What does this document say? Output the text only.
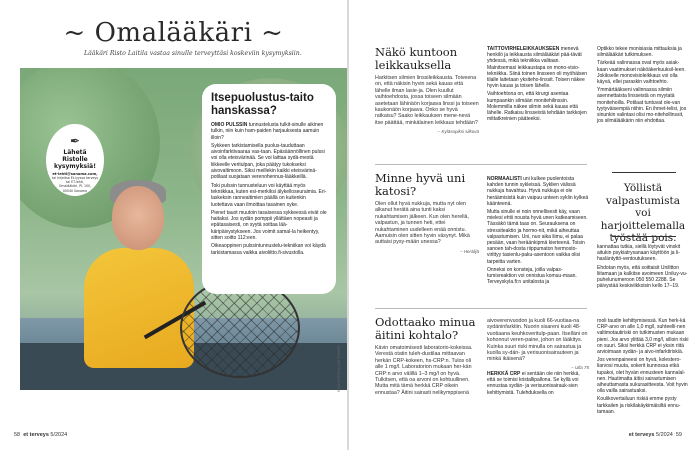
~ Omalääkäri ~
Lääkäri Risto Laitila vastaa sinulle terveyttäsi koskeviin kysymyksiin.
✒
Lähetä Ristolle kysymyksiä!
et-lehti@sanoma.com,
tai kirjeitse Et-lyyssa terveys
tai ET-lehti,
Omalääkäri, PL 100,
00040 Sanoma
Itsepuolustus-taito hanskassa?

OMIO PULSSIN tunnustelusta tulkit-sinulle aikinen tulkin, niin kuin ham-paiden harjauksesta aamuin illoin?

Sykkeen tarkistamisella puolus-tauduttaan aivoinfarktivaaraa vas-taan. Epäsäännöllinen pulssi voi olla eteisvärinää. Se voi laittaa sydä-mestä liikkeelle veritulpan, joka päätyy tukokseksi aivovaltimoon. Siksi meillekin kaikki eteisvärinä-potilaat suojataan verenohennus-lääkkeillä.

Toki pulssin tunnusteluun voi käyttää myös tekniikkaa, kuten esi-merkiksi älykelloseuraimia. Eri-laskeksin ranneaitimien päällä on kuitenkin luotettava vaan ilmoittaa tasainen syke.

Pienet tauot muutoin tasaisessa sykkeessä eivät ole haitaksi. Jos sydän pomppii yllättäen nopeasti ja epätasaisesti, on syytä soittaa lää-käripäivystykseen. Jos voimit samal-la heikentyy, sitten soitto 112:een.

Oikeaoppinen pulssintunnustelu-tekniikan voi käydä tarkistamassa vaikka aivoliitto.fi-sivustolla.

KUVA KRISTIINA KONTIONIEMI
58 et terveys 5/2024
Näkö kuntoon leikkauksella
Harkitsen silmien linssileikkausta. Toiveena on, että näkisin hyvin sekä kauas että lähelle ilman lasie-ja. Olen kuullut vaihtoehdosta, jossa toiseen silmään asetetaan lähinäön korjaava linssi ja toiseen kaukonäön korjaava. Onko se hyvä ratkaisu? Saako leikkauksen mene-nevä itse päättää, minkälainen leikkaus tehdään?
– Kyläsopiksi silkovä

TAITTOVIRHELEIKKAUKSEEN menevä henkilö ja leikkausta silmälääkäri pää-tävät yhdessä, mikä tekniikka valitaan. Mainitsemasi leikkaustapa on mono-visio-tekniikka. Siinä toinen linsseen oli myöhäisen tilalle laitetaan yksiteho-linssit. Toisen näkee hyvin kauas ja toisen lähelle.

Vaihtoehtona on, että kirurgi asentaa kumpaankin silmään monitehilinssin. Molemmilla näkee silmin sekä kauas että lähelle. Ratkaisu linsseistä tehdään tarkkojen mittatkreinien pääteeksi.

Optikko tekee monisiasia mittauksia ja silmälääkäri tutkimuksen.

Tärkeää valinnassa ovat myös asiak-kaan vaatimukset näköäkerkuuksil-leen. Jokikselle monovisioleikkaus voi olla käyvä, ellei paraskin vaihtoehto.

Ymmärtääkseni valinnassa silmiin asennettaista linsseistä on myytatä monitehoilla. Potilaat tuntuvat ole-van tyytyväisempiä niihin. En ihmet-telisi, jos sinunkin valintasi olisi mo-nitehollinssit, jos silmälääkärin niin ehdottaa.

Minne hyvä uni katosi?
Olen ollut hyvä nukkuja, mutta nyt olen alkanut herätä aina tunti kaksi nukahtamisen jälkeen. Kun olen herellä, valpastun, ja tunnen heti, ettei nukahtaminen uudelleen enää onnistu. Aamuisin olen sitten hyvin väsynyt. Mikä auttaisi pysy-mään unessa?
– Herälijä

NORMAALISTI uni kulkee puolentoista kahden tunnin sykleissä. Syklien välissä nukkuja havahtuu. Hyvä nukkuja ei ole heräämisistä kuin vaipuu unteen syklin kylkeä käänteenä.

Mutta sinulle ei noin onnellisesti käy, vaan mielesi ehtii nousta hyvä unen katkeamiseen. Tässäkö tämä taas on. Seurauksena on stressiteaktio ja hormo-nit, mikä aiheuttaa valpastumisen. Uni, nuo aika liimu, ei palaa pesään, vaan heräänkipmä kierteenä. Toisin sanoen tah-dosta riippumaton hermosto-virittyy tasienlu-paku-asentoon vaikka olisi tarpeitta varten.

Onneksi on konsteja, joilla valpas-tumisreaktion voi onnistua komuu-maan. Terveyskyla.fi:n unitalosta ja

Yöllistä valpastumista voi harjoittelemalla työstää pois.

kannattaa tutkia, siellä löytyvät vinskit aitukin psykiatrysanaan käyttöön ja li-hasläntyttö-ventoutukseen.

Ehdotan myös, että soittaisit Unilitton liitamaan ja kalkitse avoimeen Uniluy-vu-puhelunumeroon 050 550 2288. Se päivystää keskiviikkoisin kello 17–19.

Odottaako minua äitini kohtalo?
Kävin omatoimisesti laboratorio-kokeissa. Verestä otatin tuleh-dustilaa mittaavan herkän CRP-kokeen, hs-CRP:n. Tulos oli alle 1 mg/l. Laboratorion mukaan her-kän CRP:n arvo välillä 1–3 mg/l on hyvä. Tulkitsen, että oa arvoni on kohtuullinen. Mutta mitä tämä herkkä CRP oikein ennustaa? Äitini sairasti nelikymppisenä

aivoverenvuodon ja kuoli 66-vuotiaa-na sydäninfarktiin. Nuorin sisareni kuoli 48-vuotiaana keuhkoveritulp-paan. Itselläni on kohonnut veren-paine, johon on lääkitys. Kuinka suuri riski minulla on sairastua ja kuolla sy-dän- ja verisuonisairauteen ja minkä ikäisenä?

– Ulla 75

HERKKÄ CRP ei sentään ole niin herkkä, että se toimisi kristallipallona. Se kyllä voi ennustaa sydän- ja verisuonisairauk-sien kehittymistä. Tulehduksella on

rooli taudin kehittymisessä. Kun herk-kä CRP-arvo on alle 1,0 mg/l, suhteelli-nen valtimotautiriski on tutkimusten mukaan pieni. Jos arvo ylittää 3,0 mg/l, silloin riski on suuri. Siksi herkkä CRP ei yksin riitä arvioimaan sydän- ja aivo-infarktiriskiä.

Jos verenpaineesi on hyvä, kolestero-liarvosi muuta, sokerit kunnossa etkä tupakoi, olet hyvän ennusteen kannalal-nen. Hautimatta äitisi sairastumisen aiheuttamasta sukurasitteesta. Voit hyvin olla vailla sairastuaksi.

Koulikovertailuun riskiä emme pysty tarkkailen ja riskilakäykimäisiltä ennu-tamaan.

et terveys 5/2024 59
